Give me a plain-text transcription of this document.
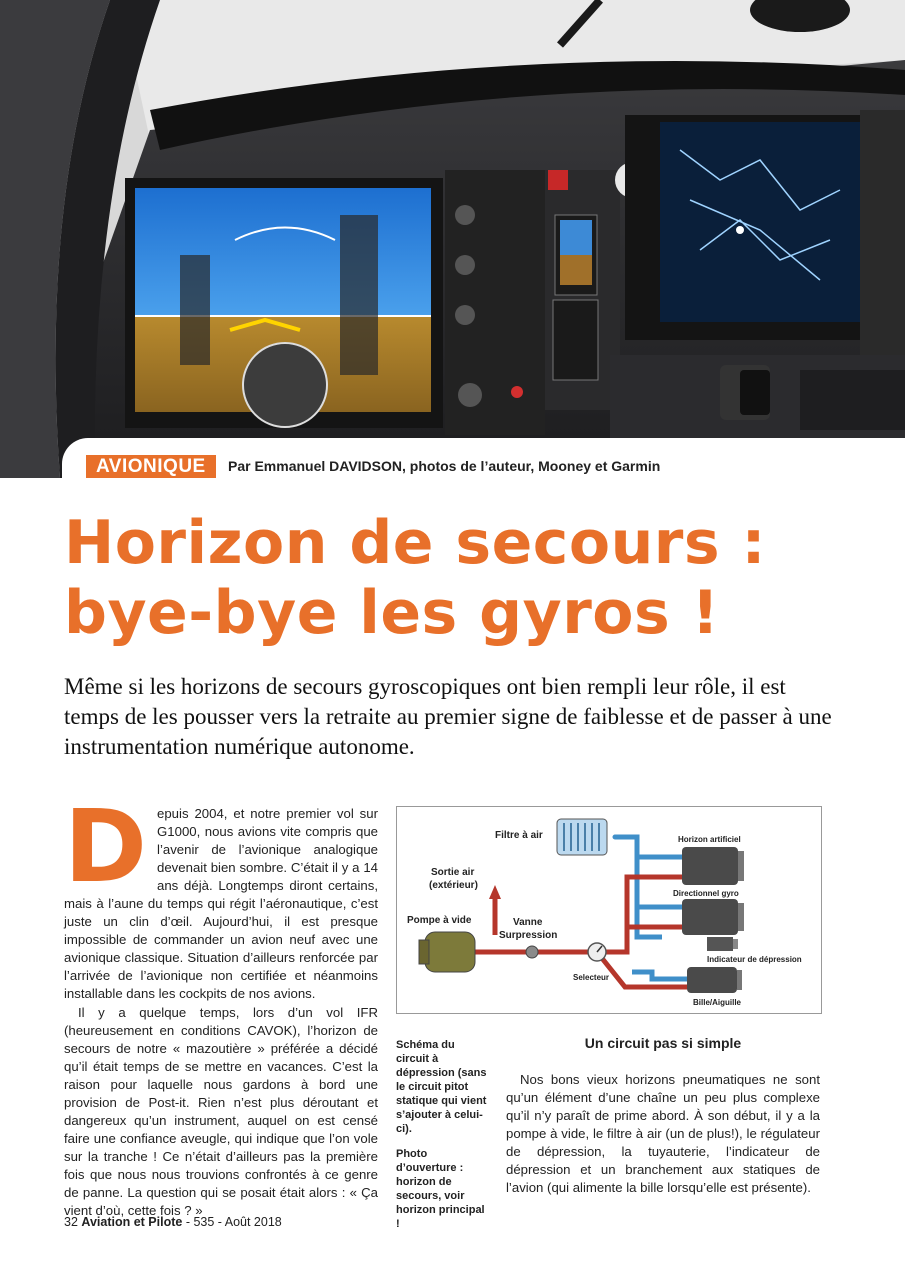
AVIONIQUE	Par Emmanuel DAVIDSON, photos de l’auteur, Mooney et Garmin
Horizon de secours :
bye-bye les gyros !
Même si les horizons de secours gyroscopiques ont bien rempli leur rôle, il est temps de les pousser vers la retraite au premier signe de faiblesse et de passer à une instrumentation numérique autonome.
D epuis 2004, et notre premier vol sur G1000, nous avions vite compris que l’avenir de l’avionique analogique devenait bien sombre. C’était il y a 14 ans déjà. Longtemps diront certains, mais à l’aune du temps qui régit l’aéronautique, c’est juste un clin d’œil. Aujourd’hui, il est presque impossible de commander un avion neuf avec une avionique classique. Situation d’ailleurs renforcée par l’arrivée de l’avionique non certifiée et néanmoins installable dans les cockpits de nos avions.

Il y a quelque temps, lors d’un vol IFR (heureusement en conditions CAVOK), l’horizon de secours de notre « mazoutière » préférée a décidé qu’il était temps de se mettre en vacances. C’est la raison pour laquelle nous gardons à bord une provision de Post-it. Rien n’est plus déroutant et dangereux qu’un instrument, auquel on est censé faire une confiance aveugle, qui indique que l’on vole sur la tranche ! Ce n’était d’ailleurs pas la première fois que nous nous trouvions confrontés à ce genre de panne. La question qui se posait était alors : « Ça vient d’où, cette fois ? »

Filtre à air
Sortie air
(extérieur)
Pompe à vide	Vanne
Surpression
Selecteur
Horizon artificiel
Directionnel gyro
Indicateur de dépression
Bille/Aiguille

Schéma du circuit à dépression (sans le circuit pitot statique qui vient s’ajouter à celui-ci).

Photo d’ouverture : horizon de secours, voir horizon principal !

Un circuit pas si simple
Nos bons vieux horizons pneumatiques ne sont qu’un élément d’une chaîne un peu plus complexe qu’il n’y paraît de prime abord. À son début, il y a la pompe à vide, le filtre à air (un de plus!), le régulateur de dépression, la tuyauterie, l’indicateur de dépression et un branchement aux statiques de l’avion (qui alimente la bille lorsqu’elle est présente).
32 Aviation et Pilote - 535 - Août 2018
